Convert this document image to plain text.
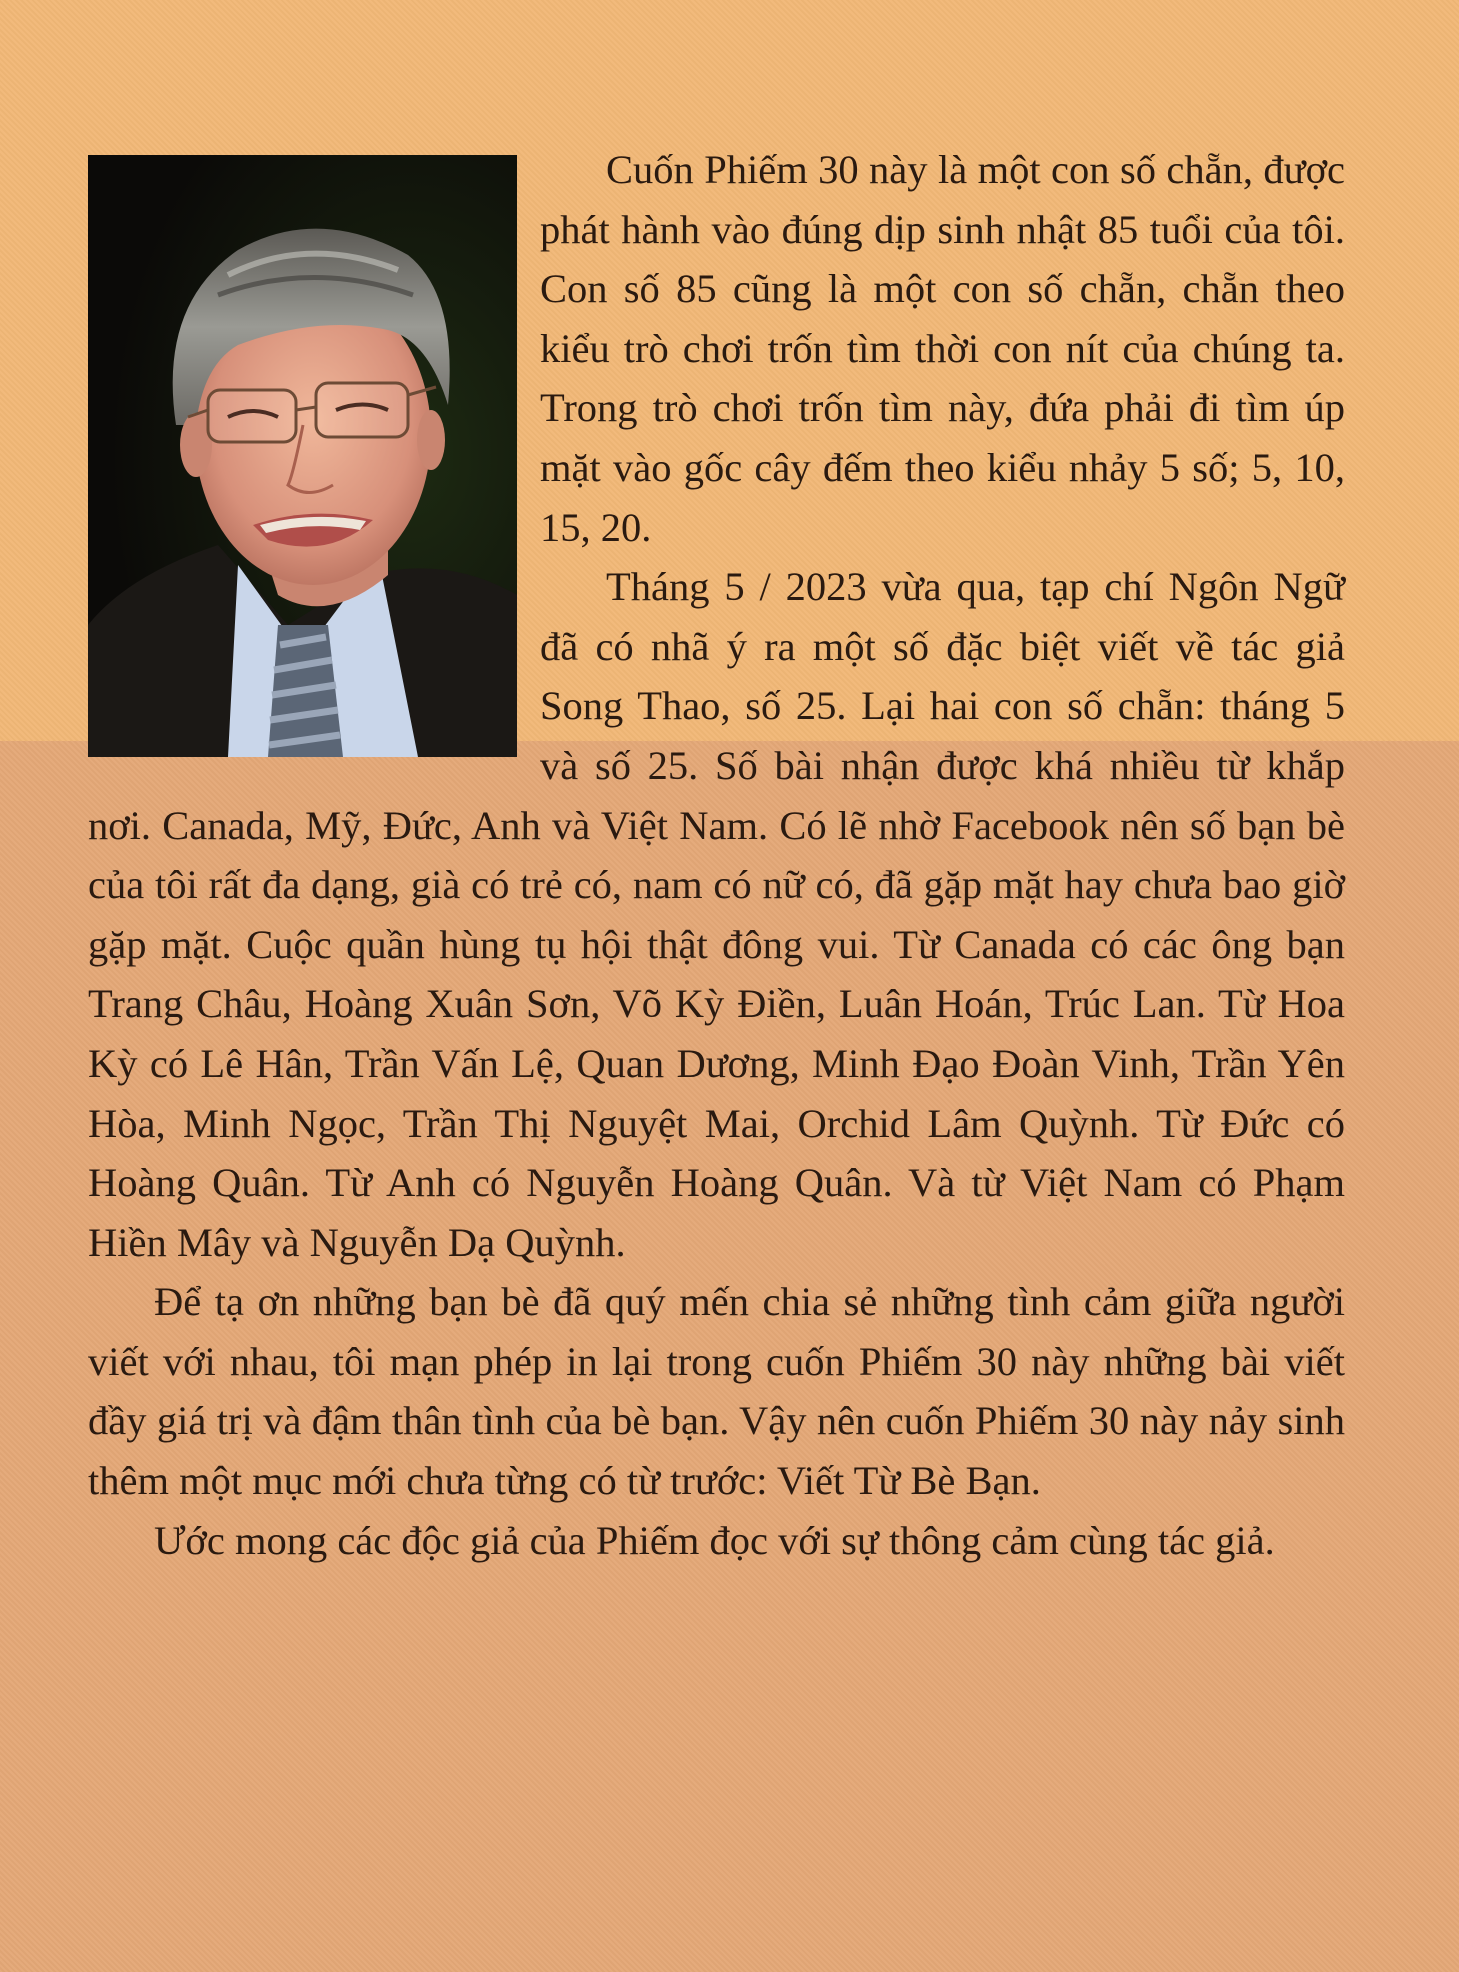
Cuốn Phiếm 30 này là một con số chẵn, được phát hành vào đúng dịp sinh nhật 85 tuổi của tôi. Con số 85 cũng là một con số chẵn, chẵn theo kiểu trò chơi trốn tìm thời con nít của chúng ta. Trong trò chơi trốn tìm này, đứa phải đi tìm úp mặt vào gốc cây đếm theo kiểu nhảy 5 số; 5, 10, 15, 20.

Tháng 5 / 2023 vừa qua, tạp chí Ngôn Ngữ đã có nhã ý ra một số đặc biệt viết về tác giả Song Thao, số 25. Lại hai con số chẵn: tháng 5 và số 25. Số bài nhận được khá nhiều từ khắp nơi. Canada, Mỹ, Đức, Anh và Việt Nam. Có lẽ nhờ Facebook nên số bạn bè của tôi rất đa dạng, già có trẻ có, nam có nữ có, đã gặp mặt hay chưa bao giờ gặp mặt. Cuộc quần hùng tụ hội thật đông vui. Từ Canada có các ông bạn Trang Châu, Hoàng Xuân Sơn, Võ Kỳ Điền, Luân Hoán, Trúc Lan. Từ Hoa Kỳ có Lê Hân, Trần Vấn Lệ, Quan Dương, Minh Đạo Đoàn Vinh, Trần Yên Hòa, Minh Ngọc, Trần Thị Nguyệt Mai, Orchid Lâm Quỳnh. Từ Đức có Hoàng Quân. Từ Anh có Nguyễn Hoàng Quân. Và từ Việt Nam có Phạm Hiền Mây và Nguyễn Dạ Quỳnh.

Để tạ ơn những bạn bè đã quý mến chia sẻ những tình cảm giữa người viết với nhau, tôi mạn phép in lại trong cuốn Phiếm 30 này những bài viết đầy giá trị và đậm thân tình của bè bạn. Vậy nên cuốn Phiếm 30 này nảy sinh thêm một mục mới chưa từng có từ trước: Viết Từ Bè Bạn.

Ước mong các độc giả của Phiếm đọc với sự thông cảm cùng tác giả.
